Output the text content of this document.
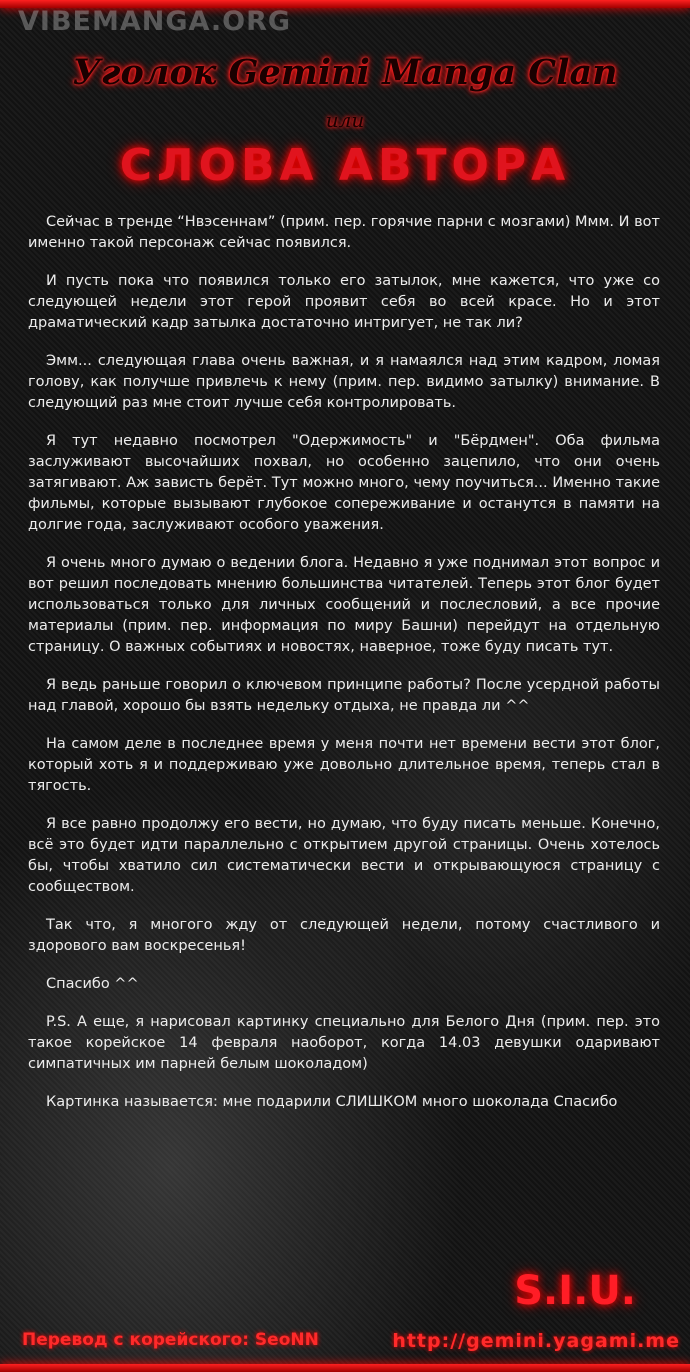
VIBEMANGA.ORG
Уголок Gemini Manga Clan
или
СЛОВА АВТОРА

Сейчас в тренде “Нвэсеннам” (прим. пер. горячие парни с мозгами) Ммм. И вот именно такой персонаж сейчас появился.

И пусть пока что появился только его затылок, мне кажется, что уже со следующей недели этот герой проявит себя во всей красе. Но и этот драматический кадр затылка достаточно интригует, не так ли?

Эмм... следующая глава очень важная, и я намаялся над этим кадром, ломая голову, как получше привлечь к нему (прим. пер. видимо затылку) внимание. В следующий раз мне стоит лучше себя контролировать.

Я тут недавно посмотрел "Одержимость" и "Бёрдмен". Оба фильма заслуживают высочайших похвал, но особенно зацепило, что они очень затягивают. Аж зависть берёт. Тут можно много, чему поучиться... Именно такие фильмы, которые вызывают глубокое сопереживание и останутся в памяти на долгие года, заслуживают особого уважения.

Я очень много думаю о ведении блога. Недавно я уже поднимал этот вопрос и вот решил последовать мнению большинства читателей. Теперь этот блог будет использоваться только для личных сообщений и послесловий, а все прочие материалы (прим. пер. информация по миру Башни) перейдут на отдельную страницу. О важных событиях и новостях, наверное, тоже буду писать тут.

Я ведь раньше говорил о ключевом принципе работы? После усердной работы над главой, хорошо бы взять недельку отдыха, не правда ли ^^

На самом деле в последнее время у меня почти нет времени вести этот блог, который хоть я и поддерживаю уже довольно длительное время, теперь стал в тягость.

Я все равно продолжу его вести, но думаю, что буду писать меньше. Конечно, всё это будет идти параллельно с открытием другой страницы. Очень хотелось бы, чтобы хватило сил систематически вести и открывающуюся страницу с сообществом.

Так что, я многого жду от следующей недели, потому счастливого и здорового вам воскресенья!

Спасибо ^^

P.S. А еще, я нарисовал картинку специально для Белого Дня (прим. пер. это такое корейское 14 февраля наоборот, когда 14.03 девушки одаривают симпатичных им парней белым шоколадом)

Картинка называется: мне подарили СЛИШКОМ много шоколада Спасибо

S.I.U.
Перевод с корейского: SeoNN	http://gemini.yagami.me
